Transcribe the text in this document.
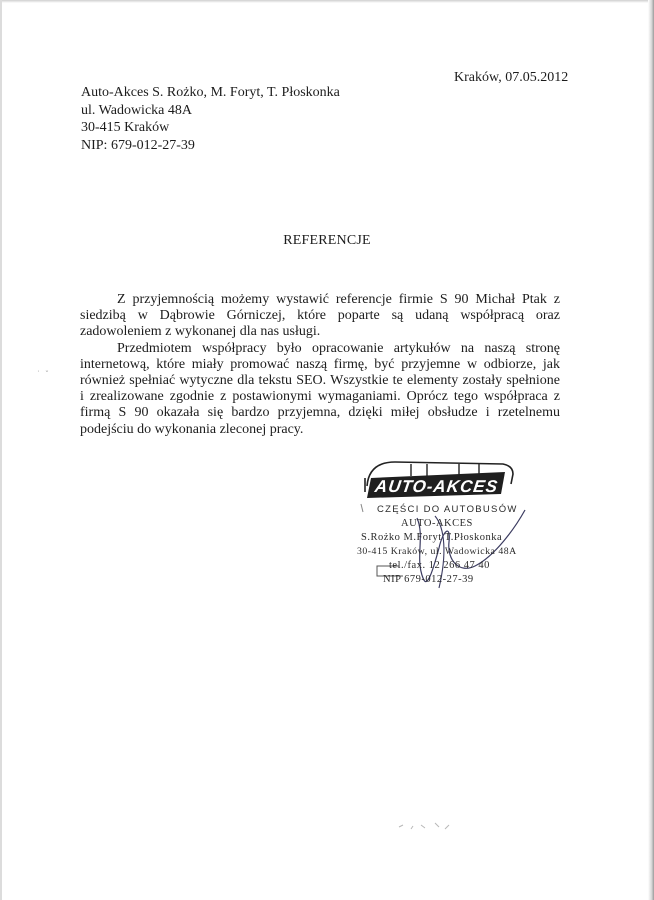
Auto-Akces S. Rożko, M. Foryt, T. Płoskonka
ul. Wadowicka 48A
30-415 Kraków
NIP: 679-012-27-39
Kraków, 07.05.2012
REFERENCJE

Z przyjemnością możemy wystawić referencje firmie S 90 Michał Ptak z siedzibą w Dąbrowie Górniczej, które poparte są udaną współpracą oraz zadowoleniem z wykonanej dla nas usługi.

Przedmiotem współpracy było opracowanie artykułów na naszą stronę internetową, które miały promować naszą firmę, być przyjemne w odbiorze, jak również spełniać wytyczne dla tekstu SEO. Wszystkie te elementy zostały spełnione i zrealizowane zgodnie z postawionymi wymaganiami. Oprócz tego współpraca z firmą S 90 okazała się bardzo przyjemna, dzięki miłej obsłudze i rzetelnemu podejściu do wykonania zleconej pracy.

˙ ˘
AUTO-AKCES
CZĘŚCI DO AUTOBUSÓW
AUTO-AKCES
S.Rożko M.Foryt T.Płoskonka
30-415 Kraków, ul. Wadowicka 48A
tel./fax. 12 266 47 40
NIP 679-012-27-39
